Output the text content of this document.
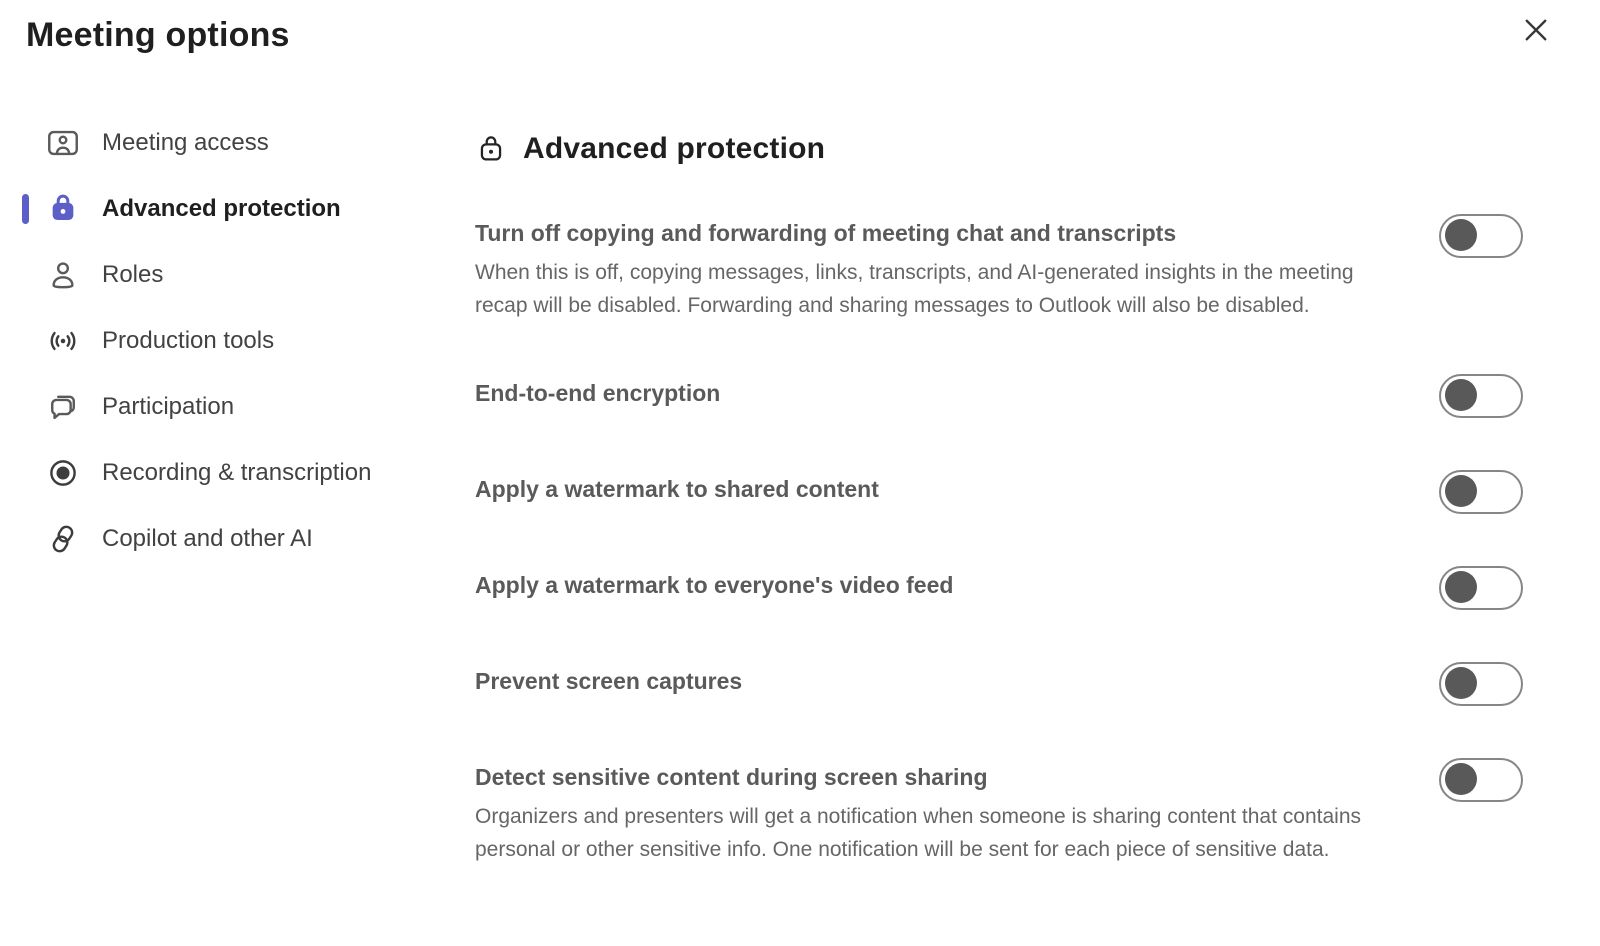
Meeting options
Meeting access
Advanced protection
Roles
Production tools
Participation
Recording & transcription
Copilot and other AI
Advanced protection
Turn off copying and forwarding of meeting chat and transcripts
When this is off, copying messages, links, transcripts, and AI-generated insights in the meeting recap will be disabled. Forwarding and sharing messages to Outlook will also be disabled.
End-to-end encryption
Apply a watermark to shared content
Apply a watermark to everyone's video feed
Prevent screen captures
Detect sensitive content during screen sharing
Organizers and presenters will get a notification when someone is sharing content that contains personal or other sensitive info. One notification will be sent for each piece of sensitive data.
